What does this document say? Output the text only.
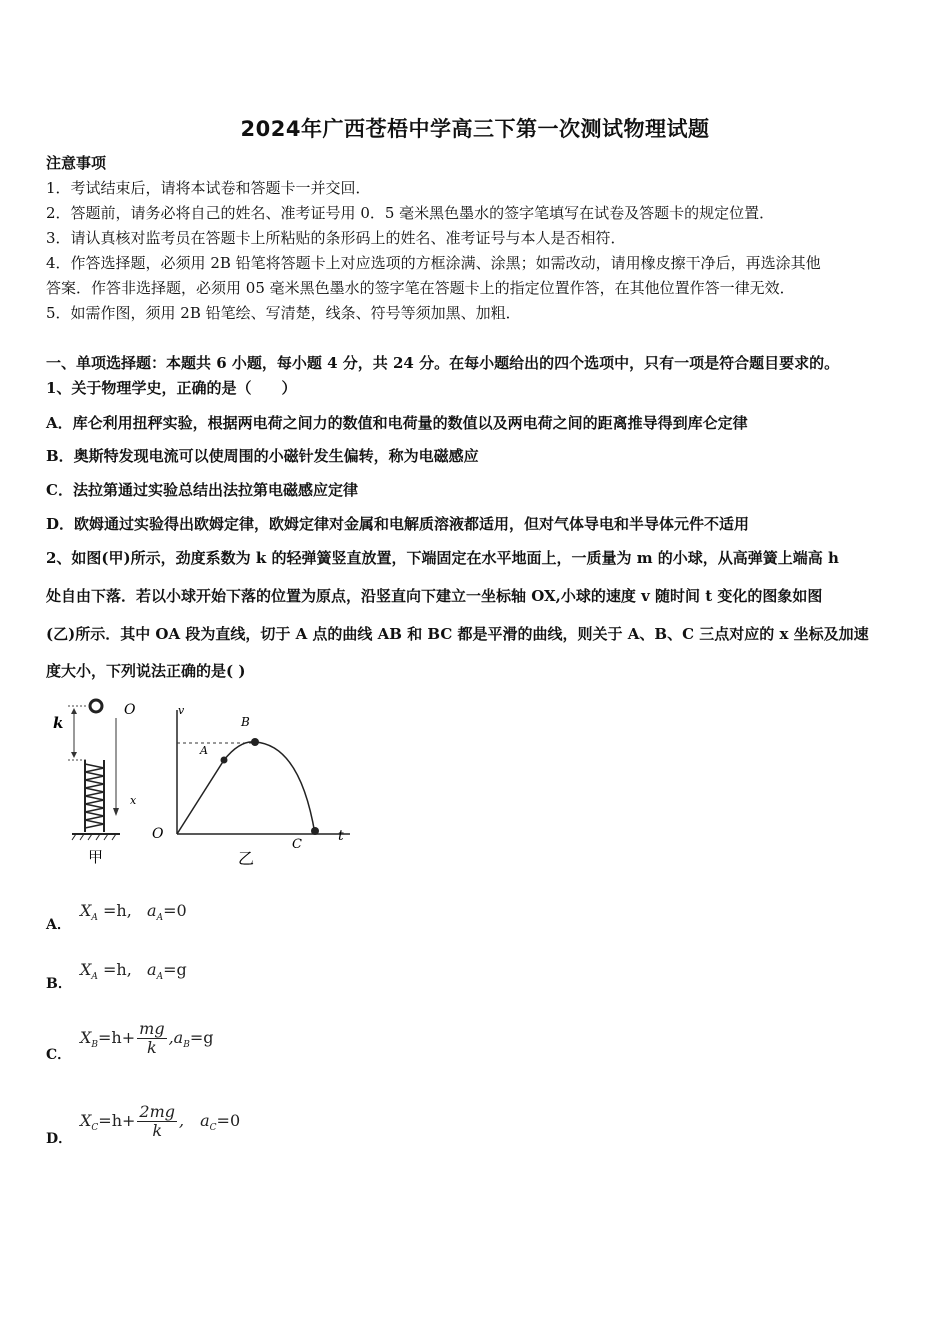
2024年广西苍梧中学高三下第一次测试物理试题
注意事项
1．考试结束后，请将本试卷和答题卡一并交回．
2．答题前，请务必将自己的姓名、准考证号用 0．5 毫米黑色墨水的签字笔填写在试卷及答题卡的规定位置．
3．请认真核对监考员在答题卡上所粘贴的条形码上的姓名、准考证号与本人是否相符．
4．作答选择题，必须用 2B 铅笔将答题卡上对应选项的方框涂满、涂黑；如需改动，请用橡皮擦干净后，再选涂其他
答案．作答非选择题，必须用 05 毫米黑色墨水的签字笔在答题卡上的指定位置作答，在其他位置作答一律无效．
5．如需作图，须用 2B 铅笔绘、写清楚，线条、符号等须加黑、加粗．
一、单项选择题：本题共 6 小题，每小题 4 分，共 24 分。在每小题给出的四个选项中，只有一项是符合题目要求的。
1、关于物理学史，正确的是（　　）
A．库仑利用扭秤实验，根据两电荷之间力的数值和电荷量的数值以及两电荷之间的距离推导得到库仑定律
B．奥斯特发现电流可以使周围的小磁针发生偏转，称为电磁感应
C．法拉第通过实验总结出法拉第电磁感应定律
D．欧姆通过实验得出欧姆定律，欧姆定律对金属和电解质溶液都适用，但对气体导电和半导体元件不适用
2、如图(甲)所示，劲度系数为 k 的轻弹簧竖直放置，下端固定在水平地面上，一质量为 m 的小球，从高弹簧上端高 h
处自由下落．若以小球开始下落的位置为原点，沿竖直向下建立一坐标轴 OX,小球的速度 v 随时间 t 变化的图象如图
(乙)所示．其中 OA 段为直线，切于 A 点的曲线 AB 和 BC 都是平滑的曲线，则关于 A、B、C 三点对应的 x 坐标及加速
度大小，下列说法正确的是( )
k
O
x
甲
v
t
O
A
B
C
乙
A．
$X_A =h$, $a_A=0$
B．
$X_A =h$, $a_A=g$
C．
$X_B=h+ \frac{mg}{k} ,a_B=g$
D．
$X_C=h+ \frac{2mg}{k}$ ,　$a_C=0$
